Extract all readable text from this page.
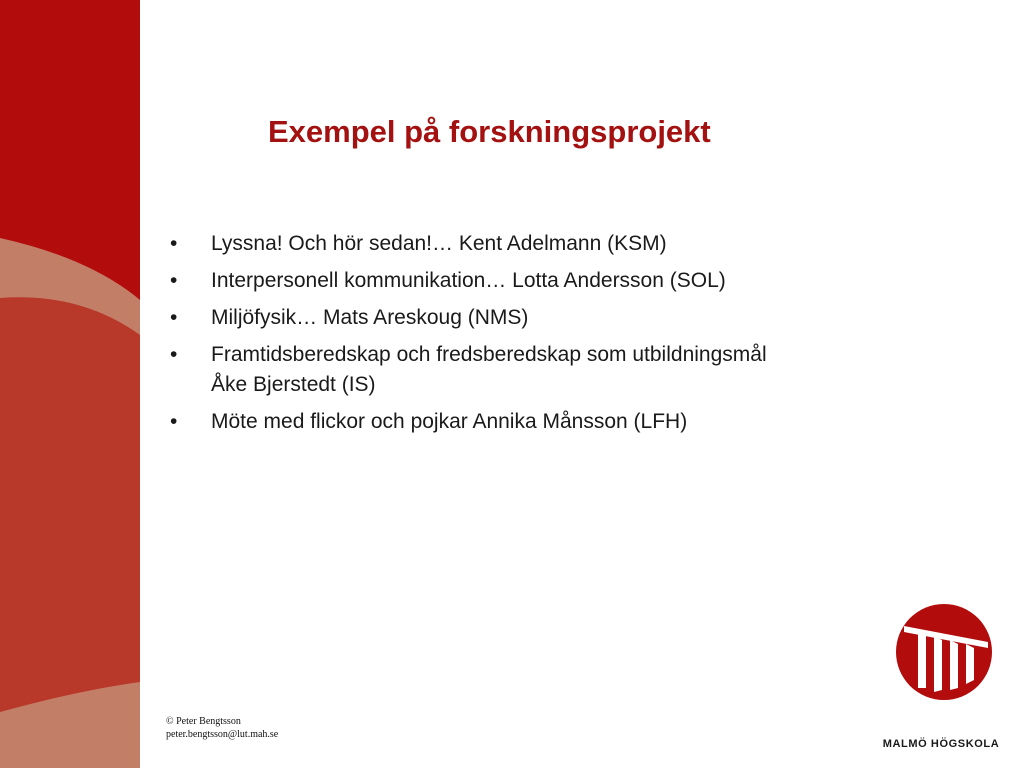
Exempel på forskningsprojekt
• Lyssna! Och hör sedan!… Kent Adelmann (KSM)
• Interpersonell kommunikation… Lotta Andersson (SOL)
• Miljöfysik… Mats Areskoug (NMS)
• Framtidsberedskap och fredsberedskap som utbildningsmål
Åke Bjerstedt (IS)
• Möte med flickor och pojkar Annika Månsson (LFH)
© Peter Bengtsson
peter.bengtsson@lut.mah.se
MALMÖ HÖGSKOLA
